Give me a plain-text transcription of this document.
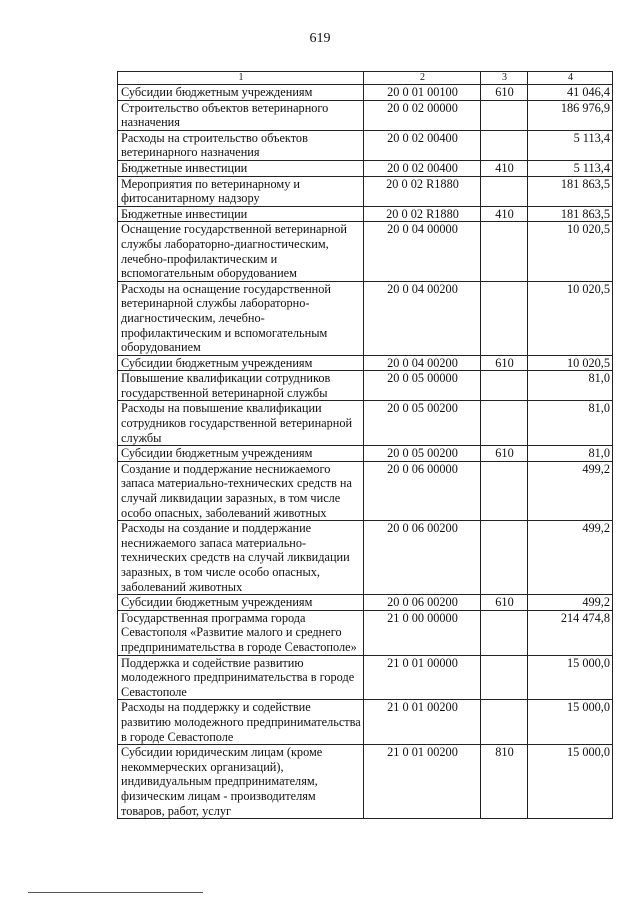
619
1	2	3	4
Субсидии бюджетным учреждениям	20 0 01 00100	610	41 046,4
Строительство объектов ветеринарного назначения	20 0 02 00000		186 976,9
Расходы на строительство объектов ветеринарного назначения	20 0 02 00400		5 113,4
Бюджетные инвестиции	20 0 02 00400	410	5 113,4
Мероприятия по ветеринарному и фитосанитарному надзору	20 0 02 R1880		181 863,5
Бюджетные инвестиции	20 0 02 R1880	410	181 863,5
Оснащение государственной ветеринарной службы лабораторно-диагностическим, лечебно-профилактическим и вспомогательным оборудованием	20 0 04 00000		10 020,5
Расходы на оснащение государственной ветеринарной службы лабораторно-диагностическим, лечебно-профилактическим и вспомогательным оборудованием	20 0 04 00200		10 020,5
Субсидии бюджетным учреждениям	20 0 04 00200	610	10 020,5
Повышение квалификации сотрудников государственной ветеринарной службы	20 0 05 00000		81,0
Расходы на повышение квалификации сотрудников государственной ветеринарной службы	20 0 05 00200		81,0
Субсидии бюджетным учреждениям	20 0 05 00200	610	81,0
Создание и поддержание неснижаемого запаса материально-технических средств на случай ликвидации заразных, в том числе особо опасных, заболеваний животных	20 0 06 00000		499,2
Расходы на создание и поддержание неснижаемого запаса материально-технических средств на случай ликвидации заразных, в том числе особо опасных, заболеваний животных	20 0 06 00200		499,2
Субсидии бюджетным учреждениям	20 0 06 00200	610	499,2
Государственная программа города Севастополя «Развитие малого и среднего предпринимательства в городе Севастополе»	21 0 00 00000		214 474,8
Поддержка и содействие развитию молодежного предпринимательства в городе Севастополе	21 0 01 00000		15 000,0
Расходы на поддержку и содействие развитию молодежного предпринимательства в городе Севастополе	21 0 01 00200		15 000,0
Субсидии юридическим лицам (кроме некоммерческих организаций), индивидуальным предпринимателям, физическим лицам - производителям товаров, работ, услуг	21 0 01 00200	810	15 000,0
